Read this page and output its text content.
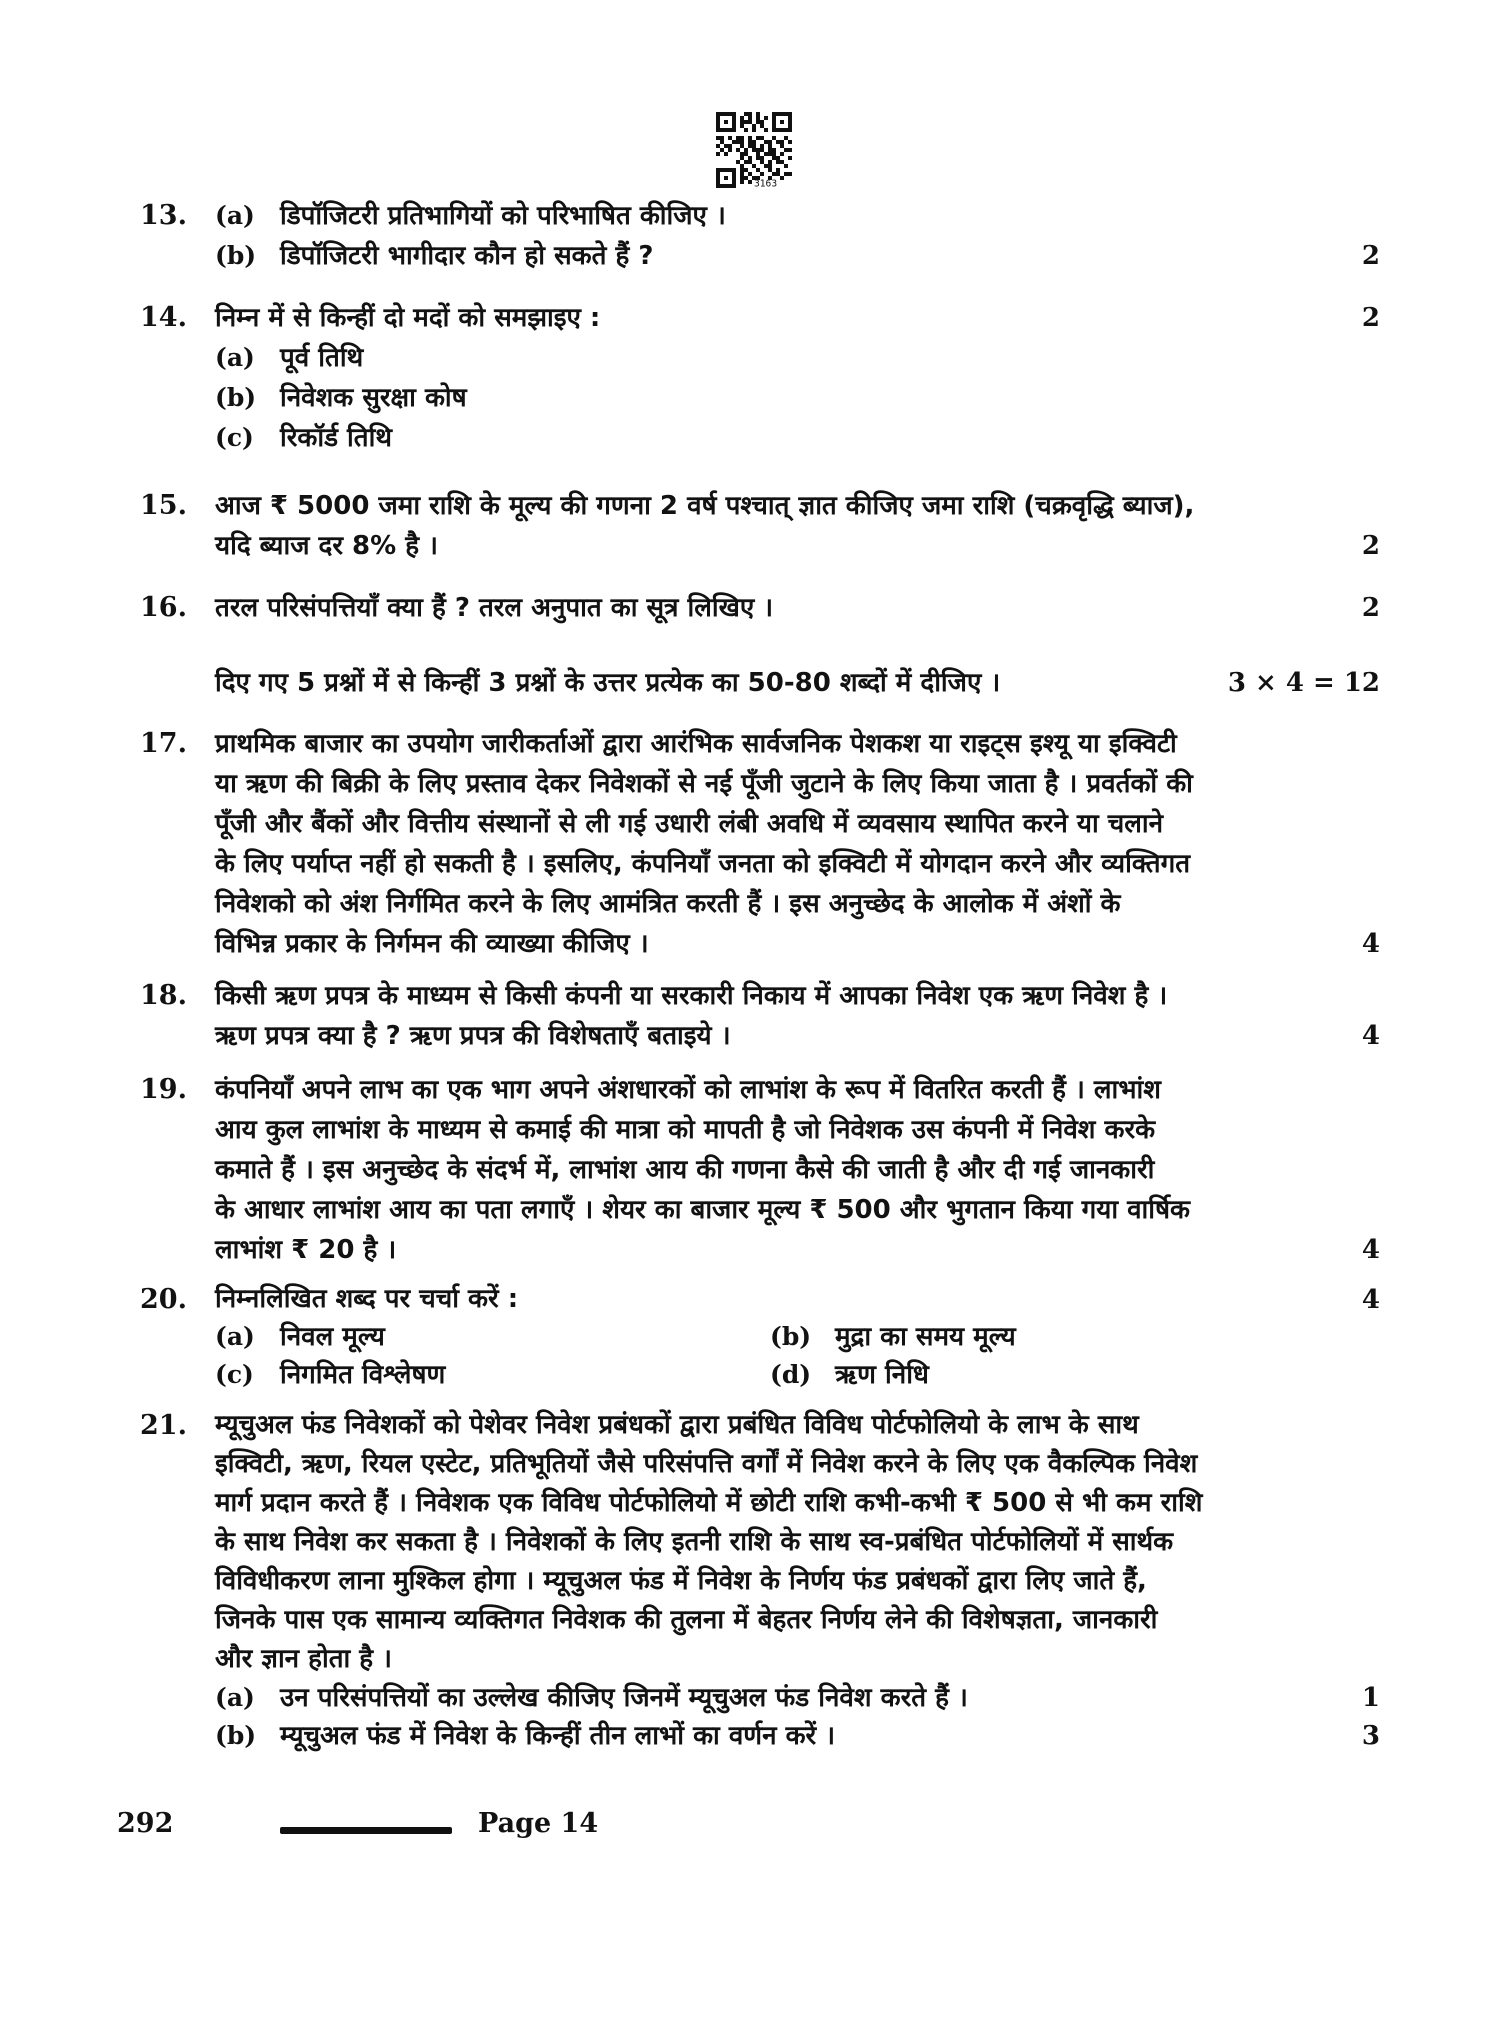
3163
13.	(a) डिपॉजिटरी प्रतिभागियों को परिभाषित कीजिए ।
(b) डिपॉजिटरी भागीदार कौन हो सकते हैं ?	2
14.	2
निम्न में से किन्हीं दो मदों को समझाइए :
(a) पूर्व तिथि
(b) निवेशक सुरक्षा कोष
(c) रिकॉर्ड तिथि
15.
2
आज ₹ 5000 जमा राशि के मूल्य की गणना 2 वर्ष पश्चात् ज्ञात कीजिए जमा राशि (चक्रवृद्धि ब्याज),
यदि ब्याज दर 8% है ।
16.	2
तरल परिसंपत्तियाँ क्या हैं ? तरल अनुपात का सूत्र लिखिए ।
3 × 4 = 12
दिए गए 5 प्रश्नों में से किन्हीं 3 प्रश्नों के उत्तर प्रत्येक का 50-80 शब्दों में दीजिए ।
17.
4
प्राथमिक बाजार का उपयोग जारीकर्ताओं द्वारा आरंभिक सार्वजनिक पेशकश या राइट्स इश्यू या इक्विटी
या ऋण की बिक्री के लिए प्रस्ताव देकर निवेशकों से नई पूँजी जुटाने के लिए किया जाता है । प्रवर्तकों की
पूँजी और बैंकों और वित्तीय संस्थानों से ली गई उधारी लंबी अवधि में व्यवसाय स्थापित करने या चलाने
के लिए पर्याप्त नहीं हो सकती है । इसलिए, कंपनियाँ जनता को इक्विटी में योगदान करने और व्यक्तिगत
निवेशको को अंश निर्गमित करने के लिए आमंत्रित करती हैं । इस अनुच्छेद के आलोक में अंशों के
विभिन्न प्रकार के निर्गमन की व्याख्या कीजिए ।
18.
4
किसी ऋण प्रपत्र के माध्यम से किसी कंपनी या सरकारी निकाय में आपका निवेश एक ऋण निवेश है ।
ऋण प्रपत्र क्या है ? ऋण प्रपत्र की विशेषताएँ बताइये ।
19.
4
कंपनियाँ अपने लाभ का एक भाग अपने अंशधारकों को लाभांश के रूप में वितरित करती हैं । लाभांश
आय कुल लाभांश के माध्यम से कमाई की मात्रा को मापती है जो निवेशक उस कंपनी में निवेश करके
कमाते हैं । इस अनुच्छेद के संदर्भ में, लाभांश आय की गणना कैसे की जाती है और दी गई जानकारी
के आधार लाभांश आय का पता लगाएँ । शेयर का बाजार मूल्य ₹ 500 और भुगतान किया गया वार्षिक
लाभांश ₹ 20 है ।
20.	4
निम्नलिखित शब्द पर चर्चा करें :
(a) निवल मूल्य	(b) मुद्रा का समय मूल्य
(c)	निगमित विश्लेषण	(d) ऋण निधि
21.	म्यूचुअल फंड निवेशकों को पेशेवर निवेश प्रबंधकों द्वारा प्रबंधित विविध पोर्टफोलियो के लाभ के साथ
इक्विटी, ऋण, रियल एस्टेट, प्रतिभूतियों जैसे परिसंपत्ति वर्गों में निवेश करने के लिए एक वैकल्पिक निवेश
मार्ग प्रदान करते हैं । निवेशक एक विविध पोर्टफोलियो में छोटी राशि कभी-कभी ₹ 500 से भी कम राशि
के साथ निवेश कर सकता है । निवेशकों के लिए इतनी राशि के साथ स्व-प्रबंधित पोर्टफोलियों में सार्थक
विविधीकरण लाना मुश्किल होगा । म्यूचुअल फंड में निवेश के निर्णय फंड प्रबंधकों द्वारा लिए जाते हैं,
जिनके पास एक सामान्य व्यक्तिगत निवेशक की तुलना में बेहतर निर्णय लेने की विशेषज्ञता, जानकारी
और ज्ञान होता है ।
(a) उन परिसंपत्तियों का उल्लेख कीजिए जिनमें म्यूचुअल फंड निवेश करते हैं ।	1
(b) म्यूचुअल फंड में निवेश के किन्हीं तीन लाभों का वर्णन करें ।	3
292	Page 14
